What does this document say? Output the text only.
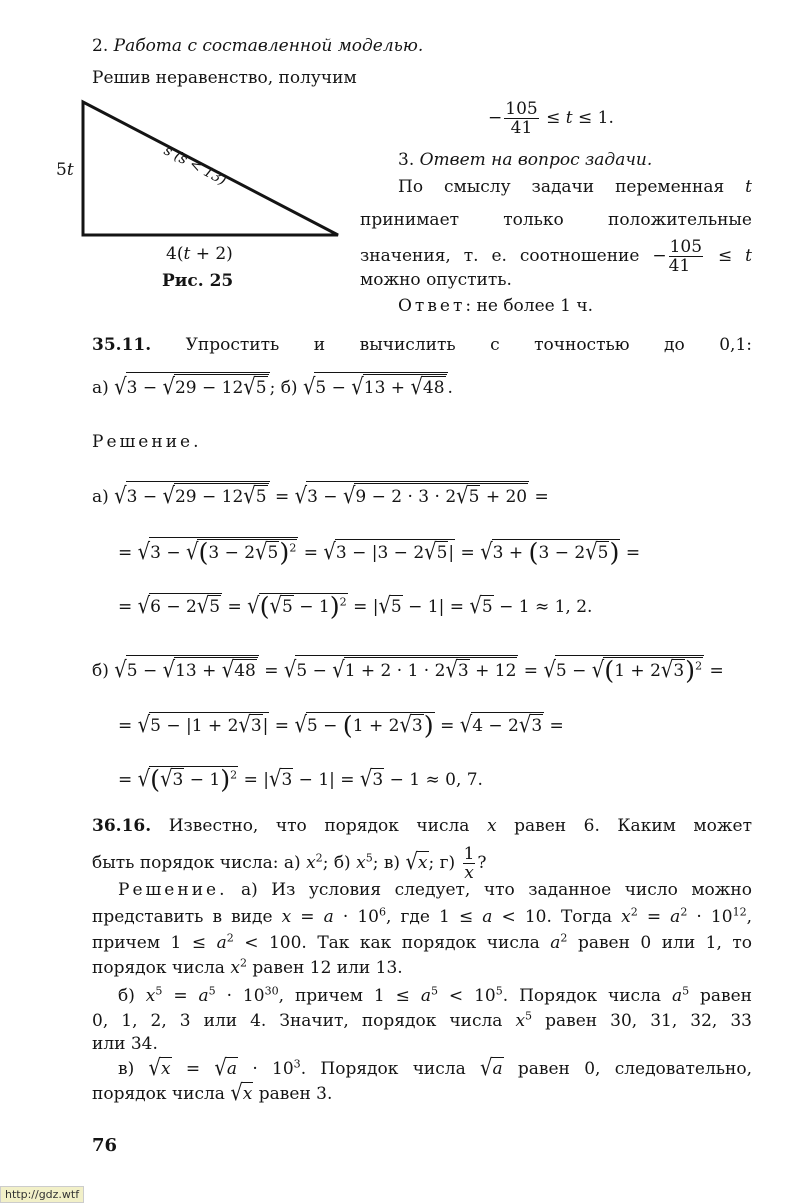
2. Работа с составленной моделью.
Решив неравенство, получим
5t	s (s < 13)
4(t + 2)
Рис. 25
− $\frac{105}{41} \le t \le 1$.
3. Ответ на вопрос задачи.
По смыслу задачи переменная t
принимает только положительные
значения, т. е. соотношение − $\frac{105}{41} \le t$
можно опустить.
Ответ: не более 1 ч.
35.11. Упростить и вычислить с точностью до 0,1:
а) √3 − √29 − 12√5 ; б) √5 − √13 + √48 .
Решение.
а) √3 − √29 − 12√5 = √3 − √9 − 2 · 3 · 2√5 + 20 =
= $√3 - √(3 - 2√5)^2 = √3 - |3 - 2√5| = √3 + (3 - 2√5)$ =
= $√6 - 2√5 = √(√5 - 1)^2 = |√5 - 1| = √5 - 1 \approx 1$, 2.
б) $√5 - √13 + √48 = √5 - √1 + 2 \cdot 1 \cdot 2√3 + 12 = √5 - √(1 + 2√3)^2$ =
= √5 − |1 + 2√3| = √5 − (1 + 2√3) = √4 − 2√3 =
= $√(√3 - 1)^2 = |√3 - 1| = √3 - 1 \approx 0$, 7.
36.16. Известно, что порядок числа x равен 6. Каким может
быть порядок числа: а) $x^2$; б) $x^5$; в) √x; $г) \frac{1}{x}$ ?
Решение. а) Из условия следует, что заданное число можно
представить в виде $x = a \cdot 10^6$, где 1 ≤ a < 10. Тогда $x^2 = a^2 \cdot 10^{12}$,
причем $1 \le a^2 < 100$. Так как порядок числа $a^2$ равен 0 или 1, то
порядок числа $x^2$ равен 12 или 13.
б) $x^5 = a^5 \cdot 10^{30}$, причем $1 \le a^5 < 10^5$. Порядок числа $a^5$ равен
0, 1, 2, 3 или 4. Значит, порядок числа $x^5$ равен 30, 31, 32, 33
или 34.
в) $√x = √a \cdot 10^3$. Порядок числа √a равен 0, следовательно,
порядок числа √x равен 3.
76
http://gdz.wtf
